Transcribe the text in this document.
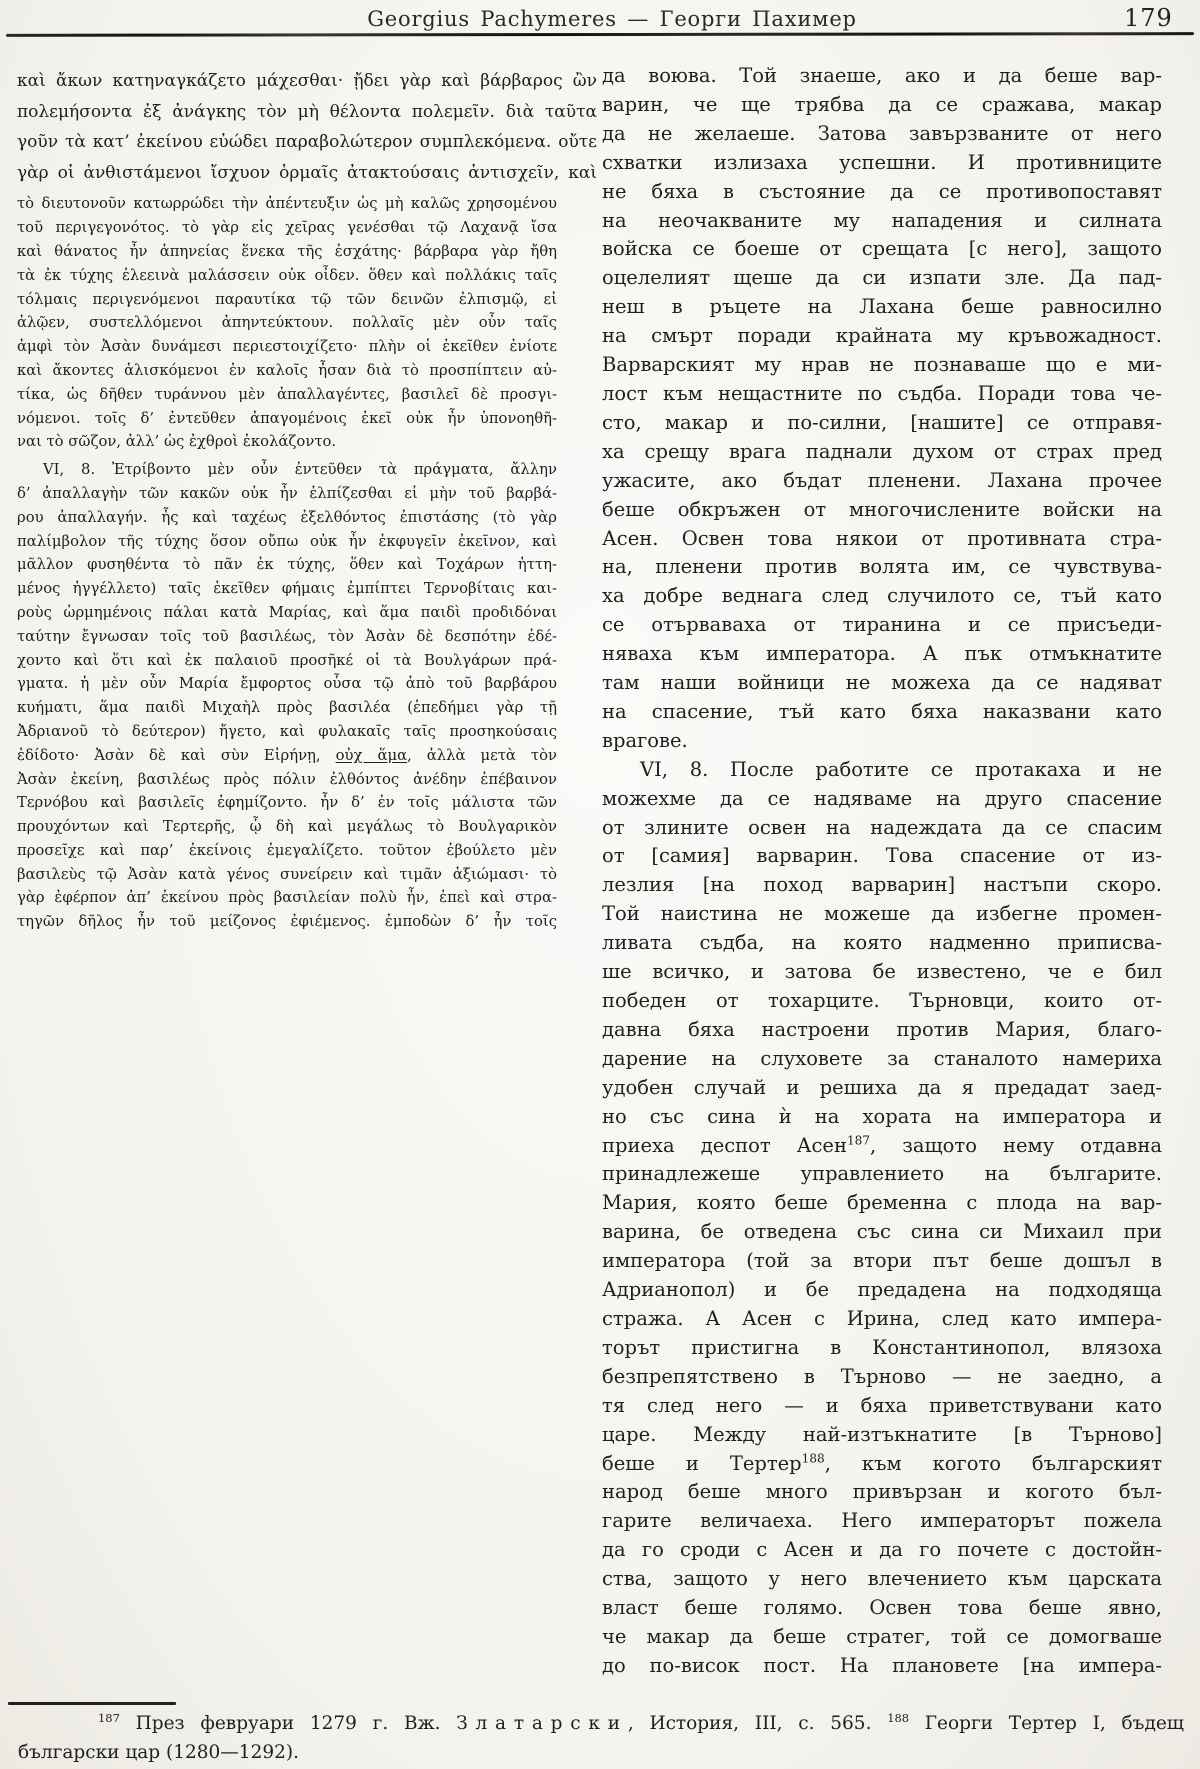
Georgius Pachymeres — Георги Пахимер	179
καὶ ἄκων κατηναγκάζετο μάχεσθαι· ᾔδει γὰρ καὶ βάρβαρος ὢν
πολεμήσοντα ἐξ ἀνάγκης τὸν μὴ θέλοντα πολεμεῖν. διὰ ταῦτα
γοῦν τὰ κατ’ ἐκείνου εὐώδει παραβολώτερον συμπλεκόμενα. οὔτε
γὰρ οἱ ἀνθιστάμενοι ἴσχυον ὁρμαῖς ἀτακτούσαις ἀντισχεῖν, καὶ
τὸ διευτονοῦν κατωρρώδει τὴν ἀπέντευξιν ὡς μὴ καλῶς χρησομένου
τοῦ περιγεγονότος. τὸ γὰρ εἰς χεῖρας γενέσθαι τῷ Λαχανᾷ ἴσα
καὶ θάνατος ἦν ἀπηνείας ἕνεκα τῆς ἐσχάτης· βάρβαρα γὰρ ἤθη
τὰ ἐκ τύχης ἐλεεινὰ μαλάσσειν οὐκ οἶδεν. ὅθεν καὶ πολλάκις ταῖς
τόλμαις περιγενόμενοι παραυτίκα τῷ τῶν δεινῶν ἐλπισμῷ, εἰ
ἁλῷεν, συστελλόμενοι ἀπηντεύκτουν. πολλαῖς μὲν οὖν ταῖς
ἀμφὶ τὸν Ἀσὰν δυνάμεσι περιεστοιχίζετο· πλὴν οἱ ἐκεῖθεν ἐνίοτε
καὶ ἄκοντες ἁλισκόμενοι ἐν καλοῖς ἦσαν διὰ τὸ προσπίπτειν αὐ-
τίκα, ὡς δῆθεν τυράννου μὲν ἀπαλλαγέντες, βασιλεῖ δὲ προσγι-
νόμενοι. τοῖς δ’ ἐντεῦθεν ἀπαγομένοις ἐκεῖ οὐκ ἦν ὑπονοηθῆ-
ναι τὸ σῶζον, ἀλλ’ ὡς ἐχθροὶ ἐκολάζοντο.
VI, 8. Ἐτρίβοντο μὲν οὖν ἐντεῦθεν τὰ πράγματα, ἄλλην
δ’ ἀπαλλαγὴν τῶν κακῶν οὐκ ἦν ἐλπίζεσθαι εἰ μὴν τοῦ βαρβά-
ρου ἀπαλλαγήν. ἧς καὶ ταχέως ἐξελθόντος ἐπιστάσης (τὸ γὰρ
παλίμβολον τῆς τύχης ὅσον οὔπω οὐκ ἦν ἐκφυγεῖν ἐκεῖνον, καὶ
μᾶλλον φυσηθέντα τὸ πᾶν ἐκ τύχης, ὅθεν καὶ Τοχάρων ἡττη-
μένος ἠγγέλλετο) ταῖς ἐκεῖθεν φήμαις ἐμπίπτει Τερνοβίταις και-
ροὺς ὡρμημένοις πάλαι κατὰ Μαρίας, καὶ ἅμα παιδὶ προδιδόναι
ταύτην ἔγνωσαν τοῖς τοῦ βασιλέως, τὸν Ἀσὰν δὲ δεσπότην ἐδέ-
χοντο καὶ ὅτι καὶ ἐκ παλαιοῦ προσῆκέ οἱ τὰ Βουλγάρων πρά-
γματα. ἡ μὲν οὖν Μαρία ἔμφορτος οὖσα τῷ ἀπὸ τοῦ βαρβάρου
κυήματι, ἅμα παιδὶ Μιχαὴλ πρὸς βασιλέα (ἐπεδήμει γὰρ τῇ
Ἀδριανοῦ τὸ δεύτερον) ἤγετο, καὶ φυλακαῖς ταῖς προσηκούσαις
ἐδίδοτο· Ἀσὰν δὲ καὶ σὺν Εἰρήνῃ, οὐχ ἅμα, ἀλλὰ μετὰ τὸν
Ἀσὰν ἐκείνη, βασιλέως πρὸς πόλιν ἐλθόντος ἀνέδην ἐπέβαινον
Τερνόβου καὶ βασιλεῖς ἐφημίζοντο. ἦν δ’ ἐν τοῖς μάλιστα τῶν
προυχόντων καὶ Τερτερῆς, ᾧ δὴ καὶ μεγάλως τὸ Βουλγαρικὸν
προσεῖχε καὶ παρ’ ἐκείνοις ἐμεγαλίζετο. τοῦτον ἐβούλετο μὲν
βασιλεὺς τῷ Ἀσὰν κατὰ γένος συνείρειν καὶ τιμᾶν ἀξιώμασι· τὸ
γὰρ ἐφέρπον ἀπ’ ἐκείνου πρὸς βασιλείαν πολὺ ἦν, ἐπεὶ καὶ στρα-
τηγῶν δῆλος ἦν τοῦ μείζονος ἐφιέμενος. ἐμποδὼν δ’ ἦν τοῖς
да воюва. Той знаеше, ако и да беше вар-
варин, че ще трябва да се сражава, макар
да не желаеше. Затова завързваните от него
схватки излизаха успешни. И противниците
не бяха в състояние да се противопоставят
на неочакваните му нападения и силната
войска се боеше от срещата [с него], защото
оцелелият щеше да си изпати зле. Да пад-
неш в ръцете на Лахана беше равносилно
на смърт поради крайната му кръвожадност.
Варварският му нрав не познаваше що е ми-
лост към нещастните по съдба. Поради това че-
сто, макар и по-силни, [нашите] се отправя-
ха срещу врага паднали духом от страх пред
ужасите, ако бъдат пленени. Лахана прочее
беше обкръжен от многочислените войски на
Асен. Освен това някои от противната стра-
на, пленени против волята им, се чувствува-
ха добре веднага след случилото се, тъй като
се отърваваха от тиранина и се присъеди-
няваха към императора. А пък отмъкнатите
там наши войници не можеха да се надяват
на спасение, тъй като бяха наказвани като
врагове.
VI, 8. После работите се протакаха и не
можехме да се надяваме на друго спасение
от злините освен на надеждата да се спасим
от [самия] варварин. Това спасение от из-
лезлия [на поход варварин] настъпи скоро.
Той наистина не можеше да избегне промен-
ливата съдба, на която надменно приписва-
ше всичко, и затова бе известено, че е бил
победен от тохарците. Търновци, които от-
давна бяха настроени против Мария, благо-
дарение на слуховете за станалото намериха
удобен случай и решиха да я предадат заед-
но със сина ѝ на хората на императора и
приеха деспот Асен$^{187}$, защото нему отдавна
принадлежеше управлението на българите.
Мария, която беше бременна с плода на вар-
варина, бе отведена със сина си Михаил при
императора (той за втори път беше дошъл в
Адрианопол) и бе предадена на подходяща
стража. А Асен с Ирина, след като импера-
торът пристигна в Константинопол, влязоха
безпрепятствено в Търново — не заедно, а
тя след него — и бяха приветствувани като
царе. Между най-изтъкнатите [в Търново]
беше и Тертер$^{188}$, към когото българският
народ беше много привързан и когото бъл-
гарите величаеха. Него императорът пожела
да го сроди с Асен и да го почете с достойн-
ства, защото у него влечението към царската
власт беше голямо. Освен това беше явно,
че макар да беше стратег, той се домогваше
до по-висок пост. На плановете [на импера-
$^{187}$ През февруари 1279 г. Вж. Златарски, История, III, с. 565. $^{188}$ Георги Тертер I, бъдещ
български цар (1280—1292).
